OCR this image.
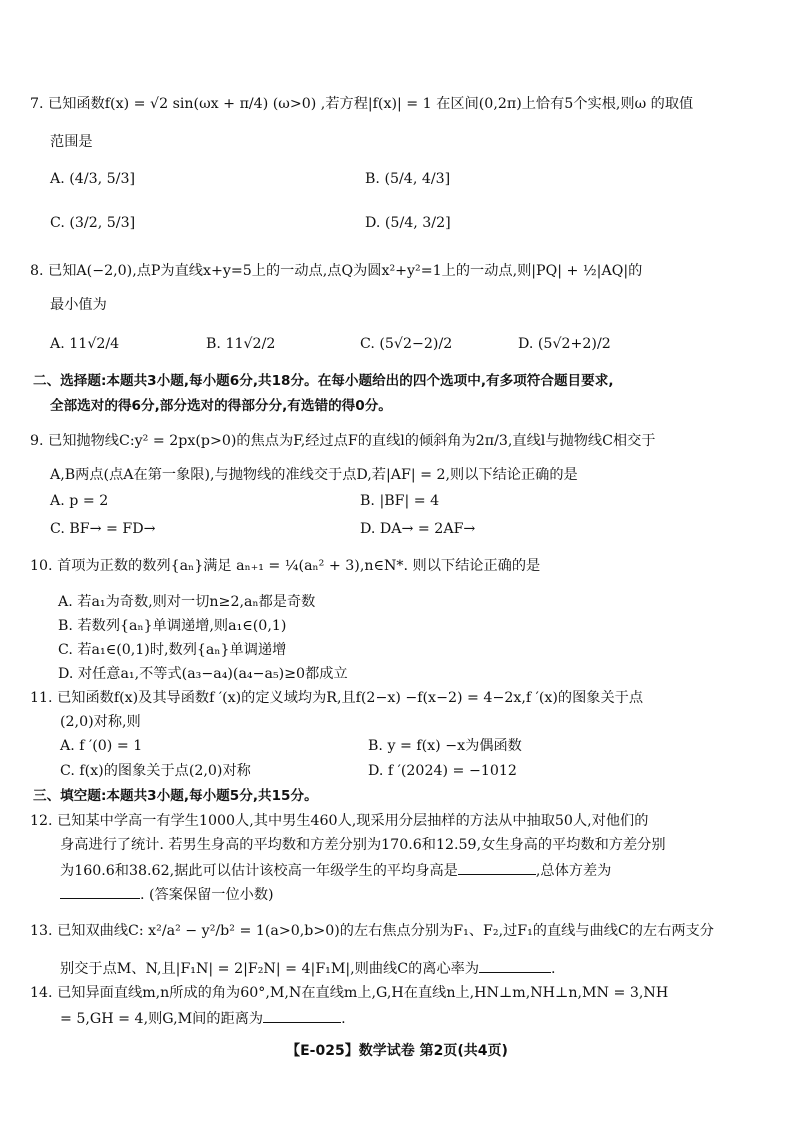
7. 已知函数f(x) = √2 sin(ωx + π/4) (ω>0) ,若方程|f(x)| = 1 在区间(0,2π)上恰有5个实根,则ω 的取值
范围是
A. (4/3, 5/3]	B. (5/4, 4/3]
C. (3/2, 5/3]	D. (5/4, 3/2]
8. 已知A(−2,0),点P为直线x+y=5上的一动点,点Q为圆x²+y²=1上的一动点,则|PQ| + ½|AQ|的
最小值为
A. 11√2/4	B. 11√2/2	C. (5√2−2)/2	D. (5√2+2)/2
二、选择题:本题共3小题,每小题6分,共18分。在每小题给出的四个选项中,有多项符合题目要求,
全部选对的得6分,部分选对的得部分分,有选错的得0分。
9. 已知抛物线C:y² = 2px(p>0)的焦点为F,经过点F的直线l的倾斜角为2π/3,直线l与抛物线C相交于
A,B两点(点A在第一象限),与抛物线的准线交于点D,若|AF| = 2,则以下结论正确的是
A. p = 2	B. |BF| = 4
C. BF→ = FD→	D. DA→ = 2AF→
10. 首项为正数的数列{aₙ}满足 aₙ₊₁ = ¼(aₙ² + 3),n∈N*. 则以下结论正确的是
A. 若a₁为奇数,则对一切n≥2,aₙ都是奇数
B. 若数列{aₙ}单调递增,则a₁∈(0,1)
C. 若a₁∈(0,1)时,数列{aₙ}单调递增
D. 对任意a₁,不等式(a₃−a₄)(a₄−a₅)≥0都成立
11. 已知函数f(x)及其导函数f ′(x)的定义域均为R,且f(2−x) −f(x−2) = 4−2x,f ′(x)的图象关于点
(2,0)对称,则
A. f ′(0) = 1	B. y = f(x) −x为偶函数
C. f(x)的图象关于点(2,0)对称	D. f ′(2024) = −1012
三、填空题:本题共3小题,每小题5分,共15分。
12. 已知某中学高一有学生1000人,其中男生460人,现采用分层抽样的方法从中抽取50人,对他们的
身高进行了统计. 若男生身高的平均数和方差分别为170.6和12.59,女生身高的平均数和方差分别
为160.6和38.62,据此可以估计该校高一年级学生的平均身高是	,总体方差为
. (答案保留一位小数)
13. 已知双曲线C: x²/a² − y²/b² = 1(a>0,b>0)的左右焦点分别为F₁、F₂,过F₁的直线与曲线C的左右两支分
别交于点M、N,且|F₁N| = 2|F₂N| = 4|F₁M|,则曲线C的离心率为	.
14. 已知异面直线m,n所成的角为60°,M,N在直线m上,G,H在直线n上,HN⊥m,NH⊥n,MN = 3,NH
= 5,GH = 4,则G,M间的距离为	.
【E-025】数学试卷 第2页(共4页)
